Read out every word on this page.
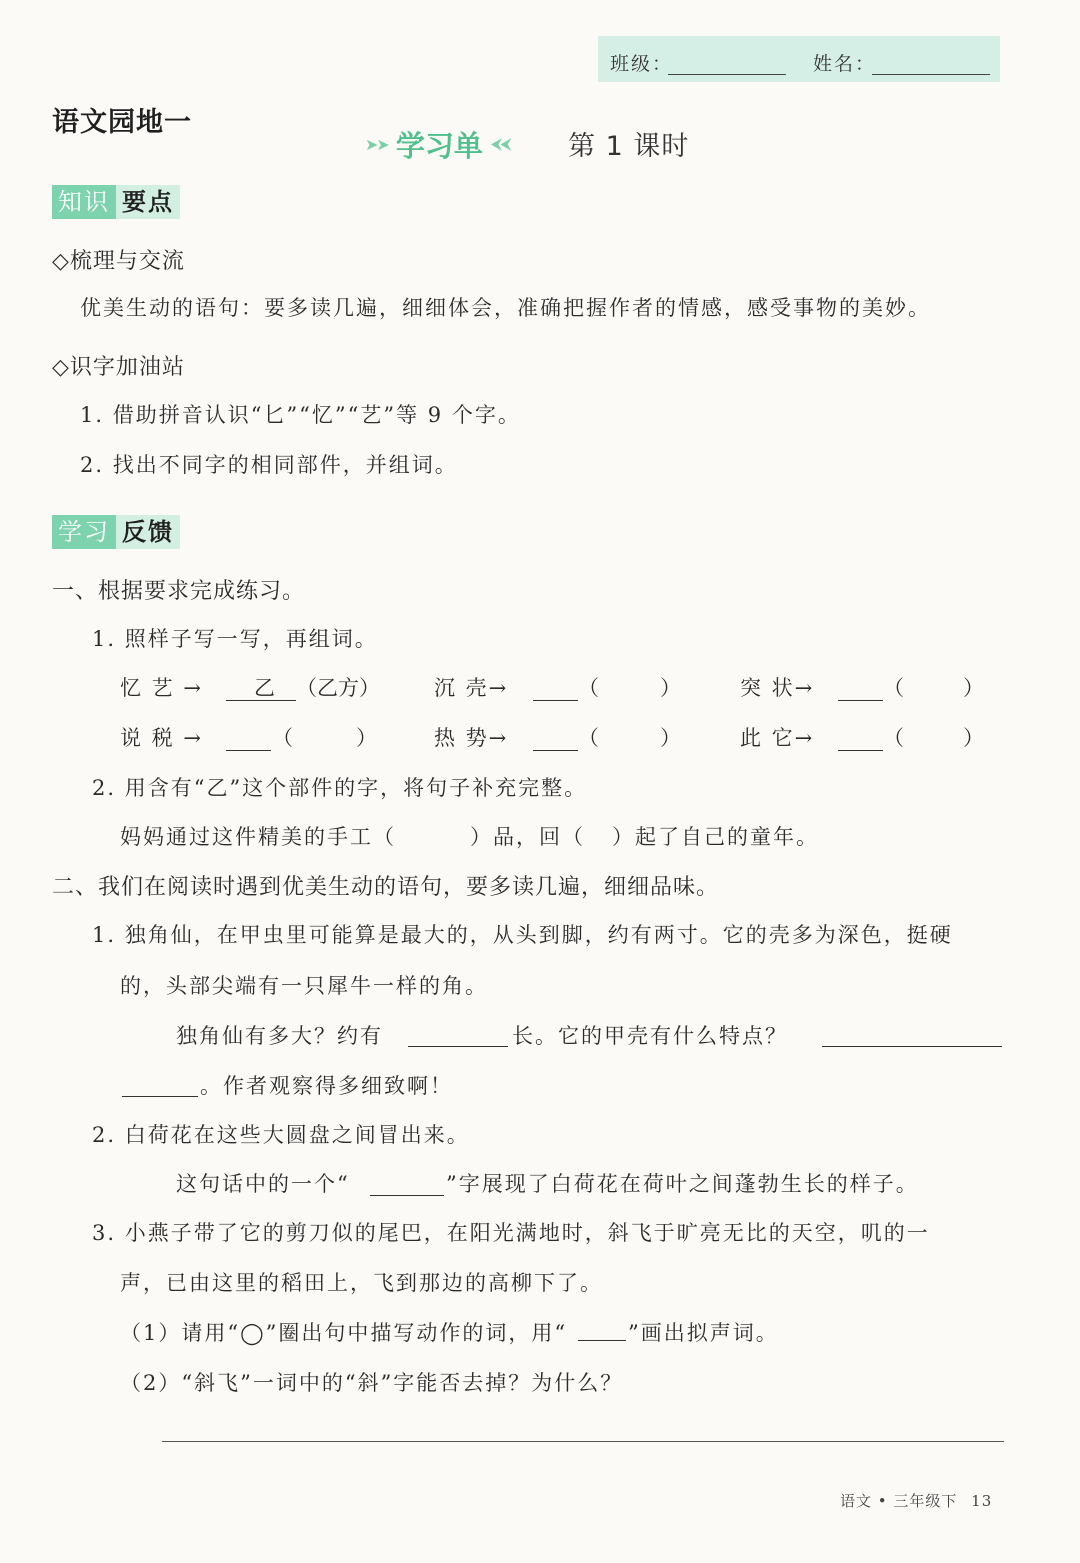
班级：	姓名：
语文园地一
➤➤ 学习单 ⮜⮜ 第 1 课时
知识 要点
◇梳理与交流
优美生动的语句：要多读几遍，细细体会，准确把握作者的情感，感受事物的美妙。
◇识字加油站
1. 借助拼音认识“匕”“忆”“艺”等 9 个字。
2. 找出不同字的相同部件，并组词。
学习 反馈
一、根据要求完成练习。
1. 照样子写一写，再组词。
忆 艺 → 乙 （乙方）	沉 壳→	（	）	突 状→	（	）
说 税 →	（	）	热 势→	（	）	此 它→	（	）
2. 用含有“乙”这个部件的字，将句子补充完整。
妈妈通过这件精美的手工（	）品，回（ ）起了自己的童年。
二、我们在阅读时遇到优美生动的语句，要多读几遍，细细品味。
1. 独角仙，在甲虫里可能算是最大的，从头到脚，约有两寸。它的壳多为深色，挺硬
的，头部尖端有一只犀牛一样的角。
独角仙有多大？约有	长。它的甲壳有什么特点？
。作者观察得多细致啊！
2. 白荷花在这些大圆盘之间冒出来。
这句话中的一个“	”字展现了白荷花在荷叶之间蓬勃生长的样子。
3. 小燕子带了它的剪刀似的尾巴，在阳光满地时，斜飞于旷亮无比的天空，叽的一
声，已由这里的稻田上，飞到那边的高柳下了。
（1）请用“◯”圈出句中描写动作的词，用“	”画出拟声词。
（2）“斜飞”一词中的“斜”字能否去掉？为什么？
语文 • 三年级下 13
